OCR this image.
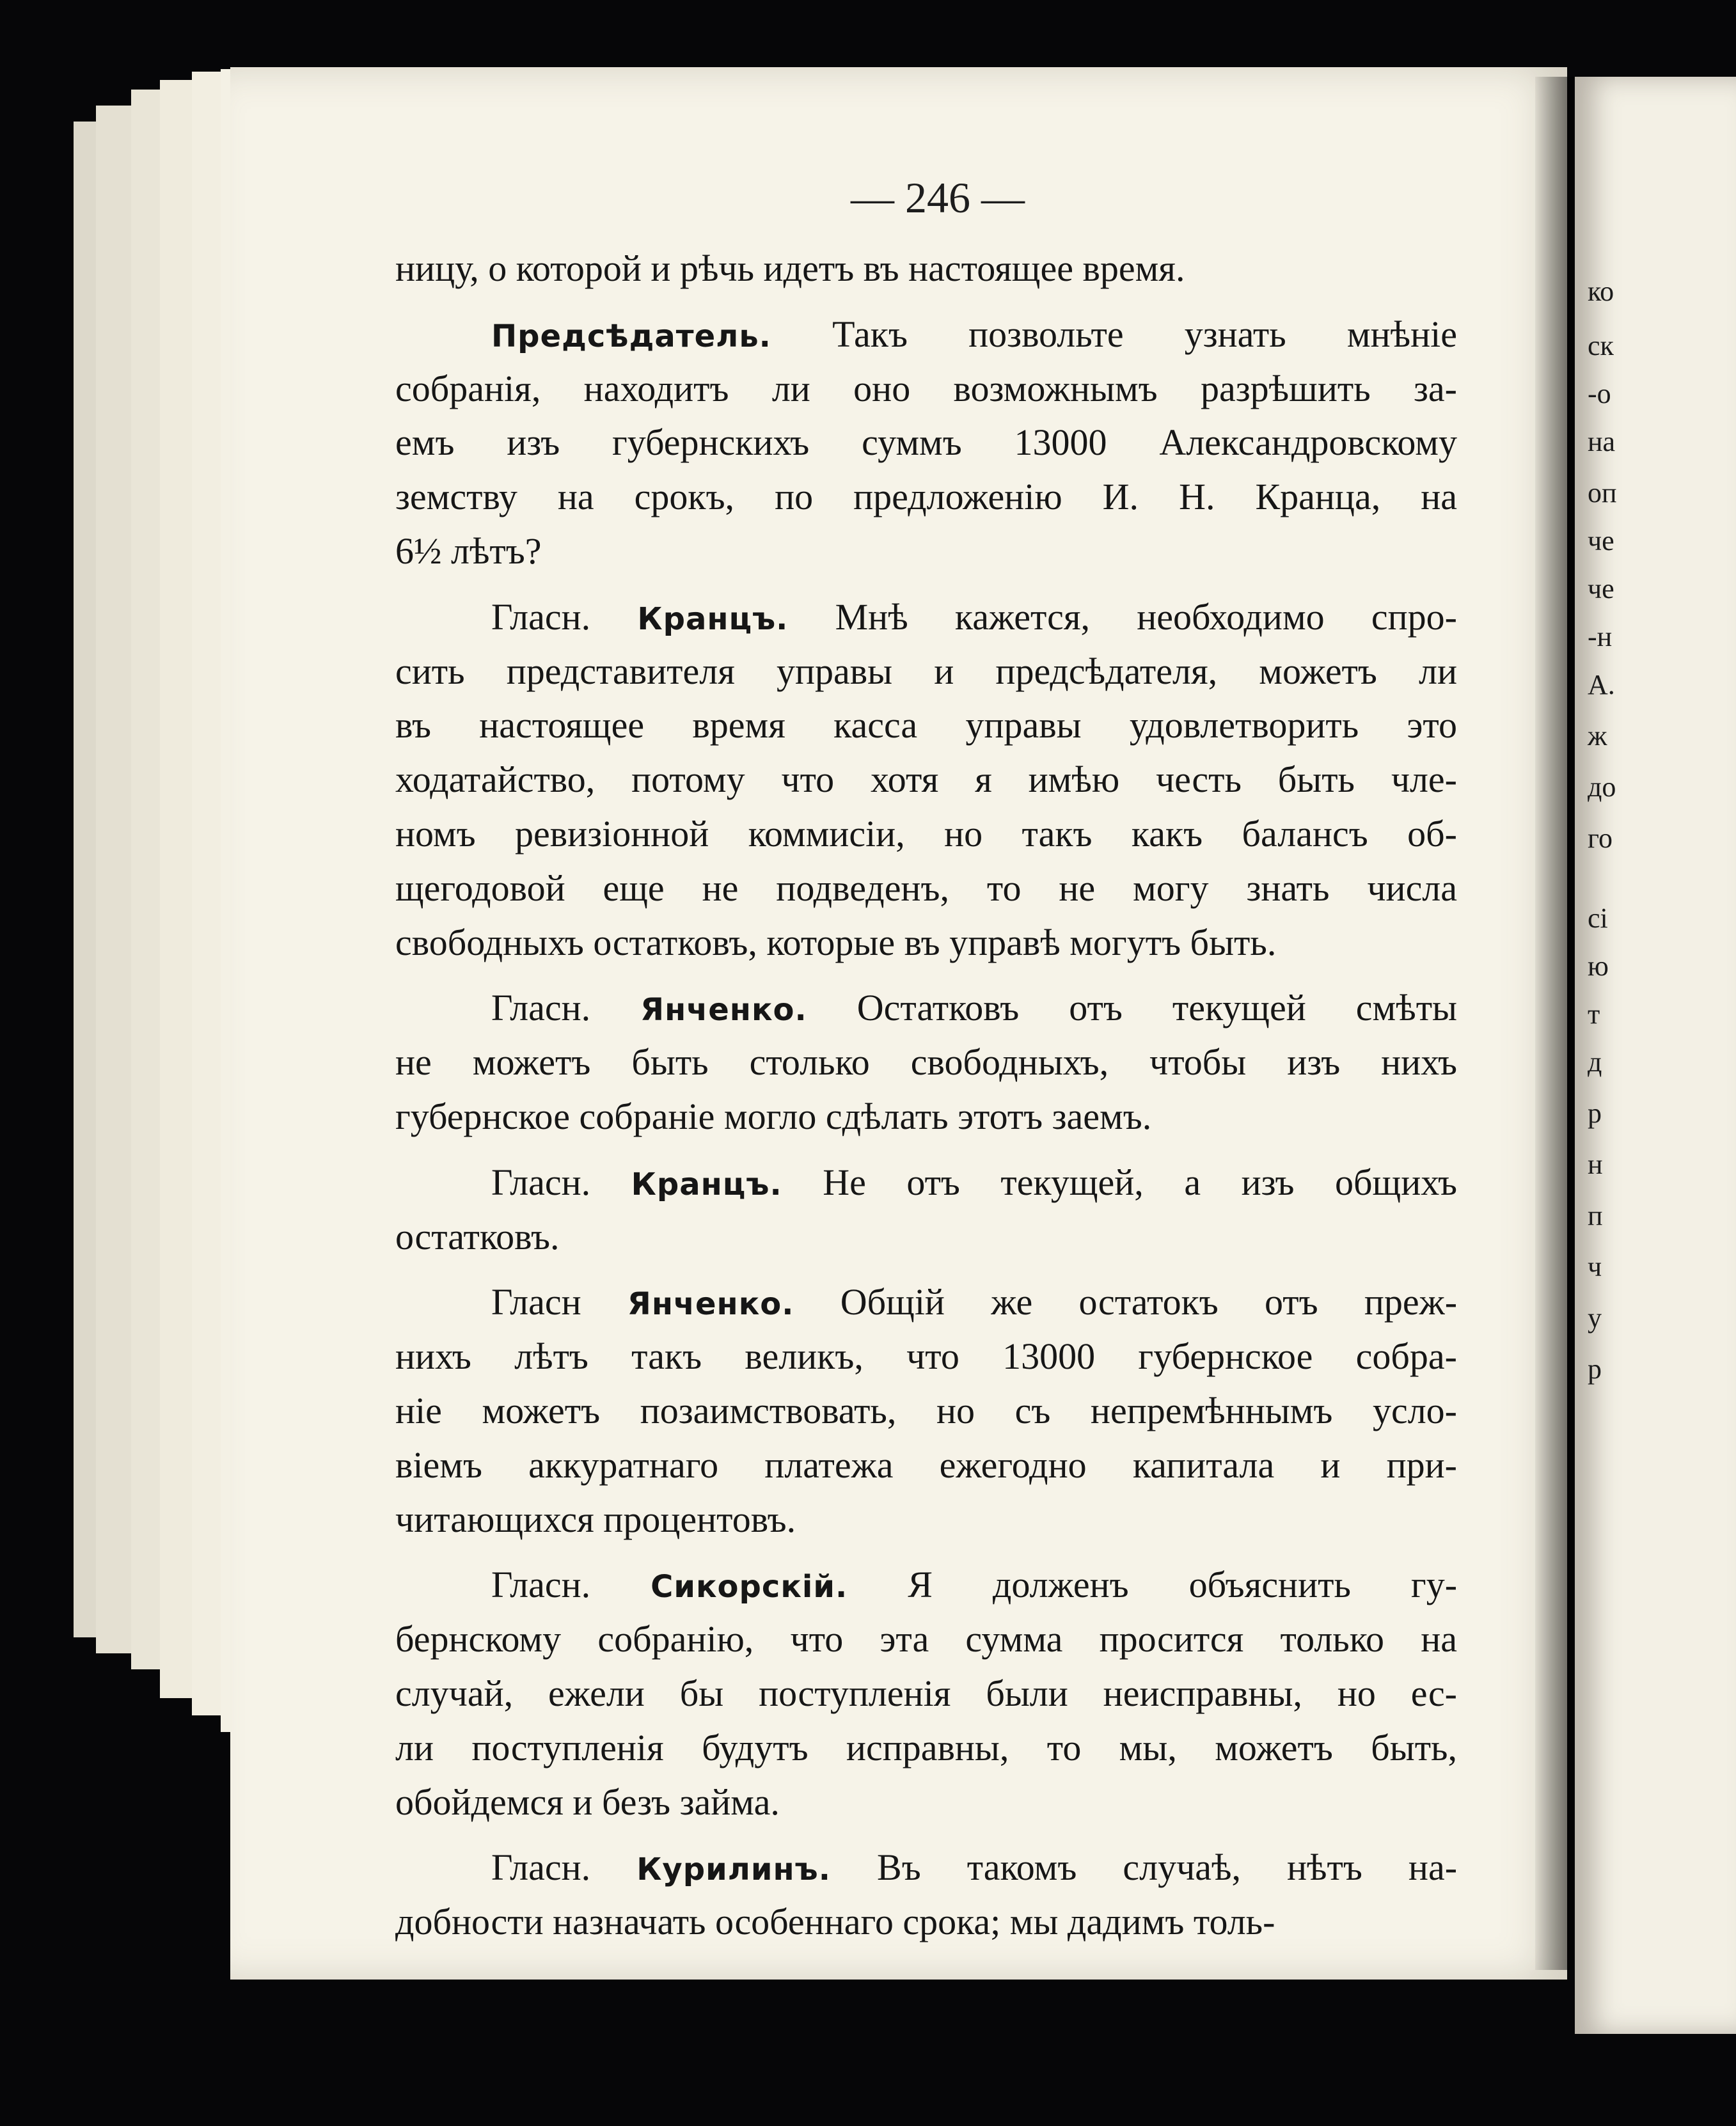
ко
ск
-о
на
оп
че
че
-н
А.
ж
до
го
сі
ю
т
д
р
н
п
ч
у
р
— 246 —
ницу, о которой и рѣчь идетъ въ настоящее время.
Предсѣдатель. Такъ позвольте узнать мнѣніе
собранія, находитъ ли оно возможнымъ разрѣшить за-
емъ изъ губернскихъ суммъ 13000 Александровскому
земству на срокъ, по предложенію И. Н. Кранца, на
6½ лѣтъ?
Гласн. Кранцъ. Мнѣ кажется, необходимо спро-
сить представителя управы и предсѣдателя, можетъ ли
въ настоящее время касса управы удовлетворить это
ходатайство, потому что хотя я имѣю честь быть чле-
номъ ревизіонной коммисіи, но такъ какъ балансъ об-
щегодовой еще не подведенъ, то не могу знать числа
свободныхъ остатковъ, которые въ управѣ могутъ быть.
Гласн. Янченко. Остатковъ отъ текущей смѣты
не можетъ быть столько свободныхъ, чтобы изъ нихъ
губернское собраніе могло сдѣлать этотъ заемъ.
Гласн. Кранцъ. Не отъ текущей, а изъ общихъ
остатковъ.
Гласн Янченко. Общій же остатокъ отъ преж-
нихъ лѣтъ такъ великъ, что 13000 губернское собра-
ніе можетъ позаимствовать, но съ непремѣннымъ усло-
віемъ аккуратнаго платежа ежегодно капитала и при-
читающихся процентовъ.
Гласн. Сикорскій. Я долженъ объяснить гу-
бернскому собранію, что эта сумма просится только на
случай, ежели бы поступленія были неисправны, но ес-
ли поступленія будутъ исправны, то мы, можетъ быть,
обойдемся и безъ займа.
Гласн. Курилинъ. Въ такомъ случаѣ, нѣтъ на-
добности назначать особеннаго срока; мы дадимъ толь-
